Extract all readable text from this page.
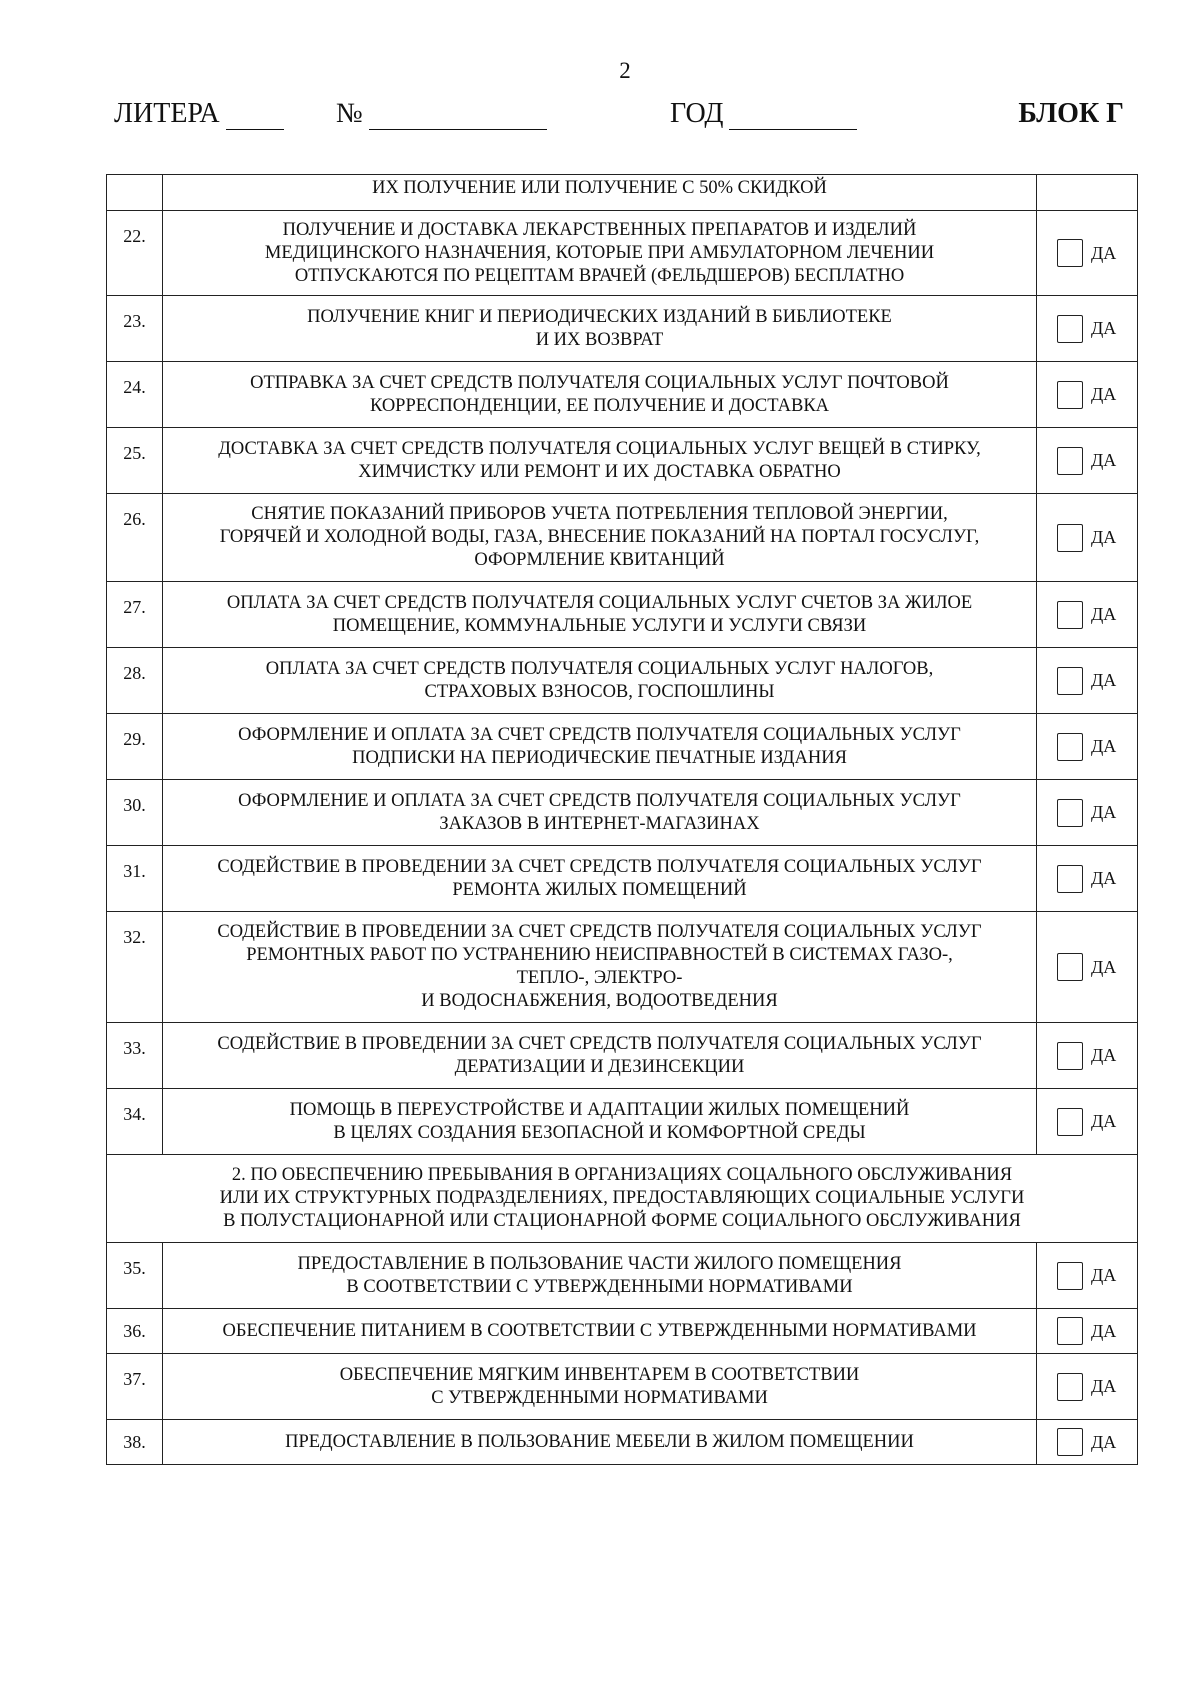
2
ЛИТЕРА	№	ГОД	БЛОК Г
	ИХ ПОЛУЧЕНИЕ ИЛИ ПОЛУЧЕНИЕ С 50% СКИДКОЙ	
22.	ПОЛУЧЕНИЕ И ДОСТАВКА ЛЕКАРСТВЕННЫХ ПРЕПАРАТОВ И ИЗДЕЛИЙ
МЕДИЦИНСКОГО НАЗНАЧЕНИЯ, КОТОРЫЕ ПРИ АМБУЛАТОРНОМ ЛЕЧЕНИИ
ОТПУСКАЮТСЯ ПО РЕЦЕПТАМ ВРАЧЕЙ (ФЕЛЬДШЕРОВ) БЕСПЛАТНО	ДА

23.	ПОЛУЧЕНИЕ КНИГ И ПЕРИОДИЧЕСКИХ ИЗДАНИЙ В БИБЛИОТЕКЕ
И ИХ ВОЗВРАТ	ДА

24.	ОТПРАВКА ЗА СЧЕТ СРЕДСТВ ПОЛУЧАТЕЛЯ СОЦИАЛЬНЫХ УСЛУГ ПОЧТОВОЙ
КОРРЕСПОНДЕНЦИИ, ЕЕ ПОЛУЧЕНИЕ И ДОСТАВКА	ДА

25.	ДОСТАВКА ЗА СЧЕТ СРЕДСТВ ПОЛУЧАТЕЛЯ СОЦИАЛЬНЫХ УСЛУГ ВЕЩЕЙ В СТИРКУ,
ХИМЧИСТКУ ИЛИ РЕМОНТ И ИХ ДОСТАВКА ОБРАТНО	ДА

26.	СНЯТИЕ ПОКАЗАНИЙ ПРИБОРОВ УЧЕТА ПОТРЕБЛЕНИЯ ТЕПЛОВОЙ ЭНЕРГИИ,
ГОРЯЧЕЙ И ХОЛОДНОЙ ВОДЫ, ГАЗА, ВНЕСЕНИЕ ПОКАЗАНИЙ НА ПОРТАЛ ГОСУСЛУГ,
ОФОРМЛЕНИЕ КВИТАНЦИЙ	ДА

27.	ОПЛАТА ЗА СЧЕТ СРЕДСТВ ПОЛУЧАТЕЛЯ СОЦИАЛЬНЫХ УСЛУГ СЧЕТОВ ЗА ЖИЛОЕ
ПОМЕЩЕНИЕ, КОММУНАЛЬНЫЕ УСЛУГИ И УСЛУГИ СВЯЗИ	ДА

28.	ОПЛАТА ЗА СЧЕТ СРЕДСТВ ПОЛУЧАТЕЛЯ СОЦИАЛЬНЫХ УСЛУГ НАЛОГОВ,
СТРАХОВЫХ ВЗНОСОВ, ГОСПОШЛИНЫ	ДА

29.	ОФОРМЛЕНИЕ И ОПЛАТА ЗА СЧЕТ СРЕДСТВ ПОЛУЧАТЕЛЯ СОЦИАЛЬНЫХ УСЛУГ
ПОДПИСКИ НА ПЕРИОДИЧЕСКИЕ ПЕЧАТНЫЕ ИЗДАНИЯ	ДА

30.	ОФОРМЛЕНИЕ И ОПЛАТА ЗА СЧЕТ СРЕДСТВ ПОЛУЧАТЕЛЯ СОЦИАЛЬНЫХ УСЛУГ
ЗАКАЗОВ В ИНТЕРНЕТ-МАГАЗИНАХ	ДА

31.	СОДЕЙСТВИЕ В ПРОВЕДЕНИИ ЗА СЧЕТ СРЕДСТВ ПОЛУЧАТЕЛЯ СОЦИАЛЬНЫХ УСЛУГ
РЕМОНТА ЖИЛЫХ ПОМЕЩЕНИЙ	ДА

32.	СОДЕЙСТВИЕ В ПРОВЕДЕНИИ ЗА СЧЕТ СРЕДСТВ ПОЛУЧАТЕЛЯ СОЦИАЛЬНЫХ УСЛУГ
РЕМОНТНЫХ РАБОТ ПО УСТРАНЕНИЮ НЕИСПРАВНОСТЕЙ В СИСТЕМАХ ГАЗО-,
ТЕПЛО-, ЭЛЕКТРО-
И ВОДОСНАБЖЕНИЯ, ВОДООТВЕДЕНИЯ	ДА

33.	СОДЕЙСТВИЕ В ПРОВЕДЕНИИ ЗА СЧЕТ СРЕДСТВ ПОЛУЧАТЕЛЯ СОЦИАЛЬНЫХ УСЛУГ
ДЕРАТИЗАЦИИ И ДЕЗИНСЕКЦИИ	ДА

34.	ПОМОЩЬ В ПЕРЕУСТРОЙСТВЕ И АДАПТАЦИИ ЖИЛЫХ ПОМЕЩЕНИЙ
В ЦЕЛЯХ СОЗДАНИЯ БЕЗОПАСНОЙ И КОМФОРТНОЙ СРЕДЫ	ДА

2. ПО ОБЕСПЕЧЕНИЮ ПРЕБЫВАНИЯ В ОРГАНИЗАЦИЯХ СОЦАЛЬНОГО ОБСЛУЖИВАНИЯ
ИЛИ ИХ СТРУКТУРНЫХ ПОДРАЗДЕЛЕНИЯХ, ПРЕДОСТАВЛЯЮЩИХ СОЦИАЛЬНЫЕ УСЛУГИ
В ПОЛУСТАЦИОНАРНОЙ ИЛИ СТАЦИОНАРНОЙ ФОРМЕ СОЦИАЛЬНОГО ОБСЛУЖИВАНИЯ		

35.	ПРЕДОСТАВЛЕНИЕ В ПОЛЬЗОВАНИЕ ЧАСТИ ЖИЛОГО ПОМЕЩЕНИЯ
В СООТВЕТСТВИИ С УТВЕРЖДЕННЫМИ НОРМАТИВАМИ	ДА

36.	ОБЕСПЕЧЕНИЕ ПИТАНИЕМ В СООТВЕТСТВИИ С УТВЕРЖДЕННЫМИ НОРМАТИВАМИ	ДА

37.	ОБЕСПЕЧЕНИЕ МЯГКИМ ИНВЕНТАРЕМ В СООТВЕТСТВИИ
С УТВЕРЖДЕННЫМИ НОРМАТИВАМИ	ДА

38.	ПРЕДОСТАВЛЕНИЕ В ПОЛЬЗОВАНИЕ МЕБЕЛИ В ЖИЛОМ ПОМЕЩЕНИИ	ДА
